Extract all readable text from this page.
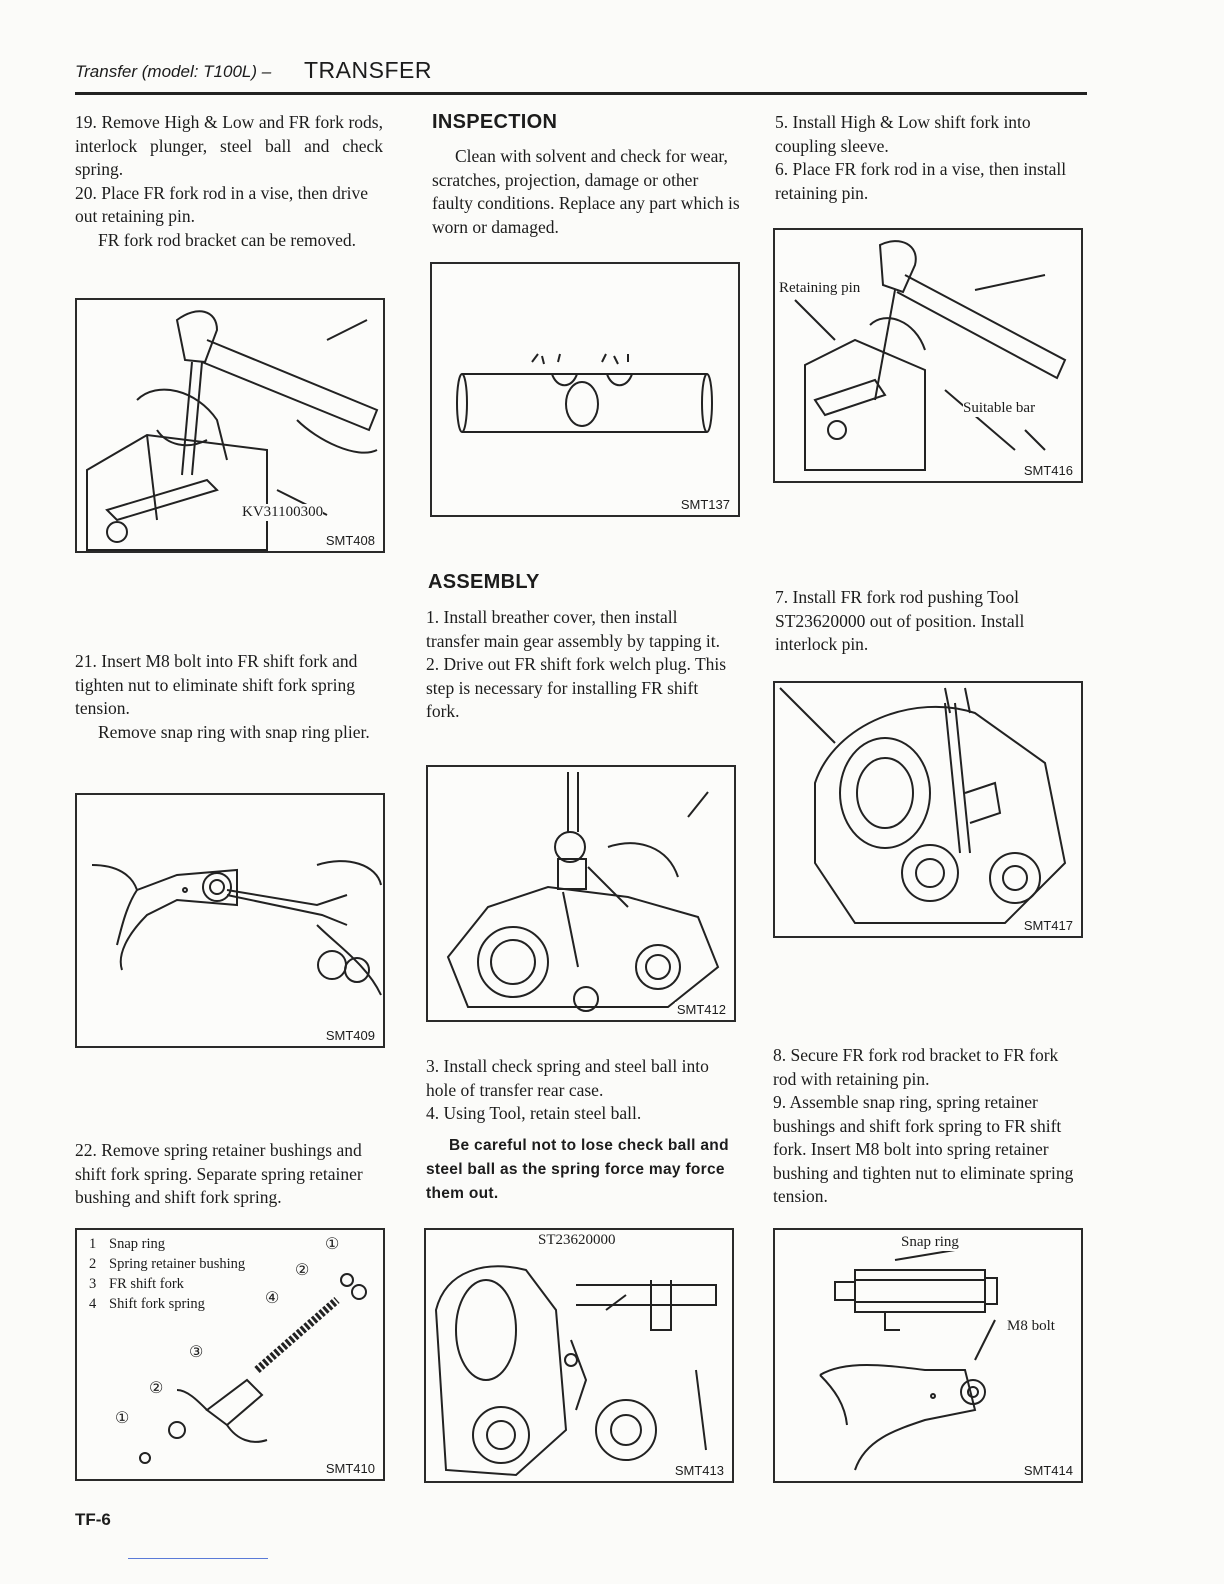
Transfer (model: T100L) – TRANSFER

19. Remove High & Low and FR fork rods, interlock plunger, steel ball and check spring.

20. Place FR fork rod in a vise, then drive out retaining pin.

FR fork rod bracket can be removed.

KV31100300
SMT408

21. Insert M8 bolt into FR shift fork and tighten nut to eliminate shift fork spring tension.

Remove snap ring with snap ring plier.

SMT409

22. Remove spring retainer bushings and shift fork spring. Separate spring retainer bushing and shift fork spring.

1 Snap ring
2 Spring retainer bushing
3 FR shift fork
4 Shift fork spring
①
②
④
③
②
①
SMT410
INSPECTION

Clean with solvent and check for wear, scratches, projection, damage or other faulty conditions. Replace any part which is worn or damaged.

SMT137
ASSEMBLY

1. Install breather cover, then install transfer main gear assembly by tapping it.

2. Drive out FR shift fork welch plug. This step is necessary for installing FR shift fork.

SMT412

3. Install check spring and steel ball into hole of transfer rear case.

4. Using Tool, retain steel ball.

Be careful not to lose check ball and steel ball as the spring force may force them out.
ST23620000
SMT413

5. Install High & Low shift fork into coupling sleeve.

6. Place FR fork rod in a vise, then install retaining pin.

Retaining pin
Suitable bar
SMT416

7. Install FR fork rod pushing Tool ST23620000 out of position. Install interlock pin.

SMT417

8. Secure FR fork rod bracket to FR fork rod with retaining pin.

9. Assemble snap ring, spring retainer bushings and shift fork spring to FR shift fork. Insert M8 bolt into spring retainer bushing and tighten nut to eliminate spring tension.

Snap ring
M8 bolt
SMT414
TF-6
